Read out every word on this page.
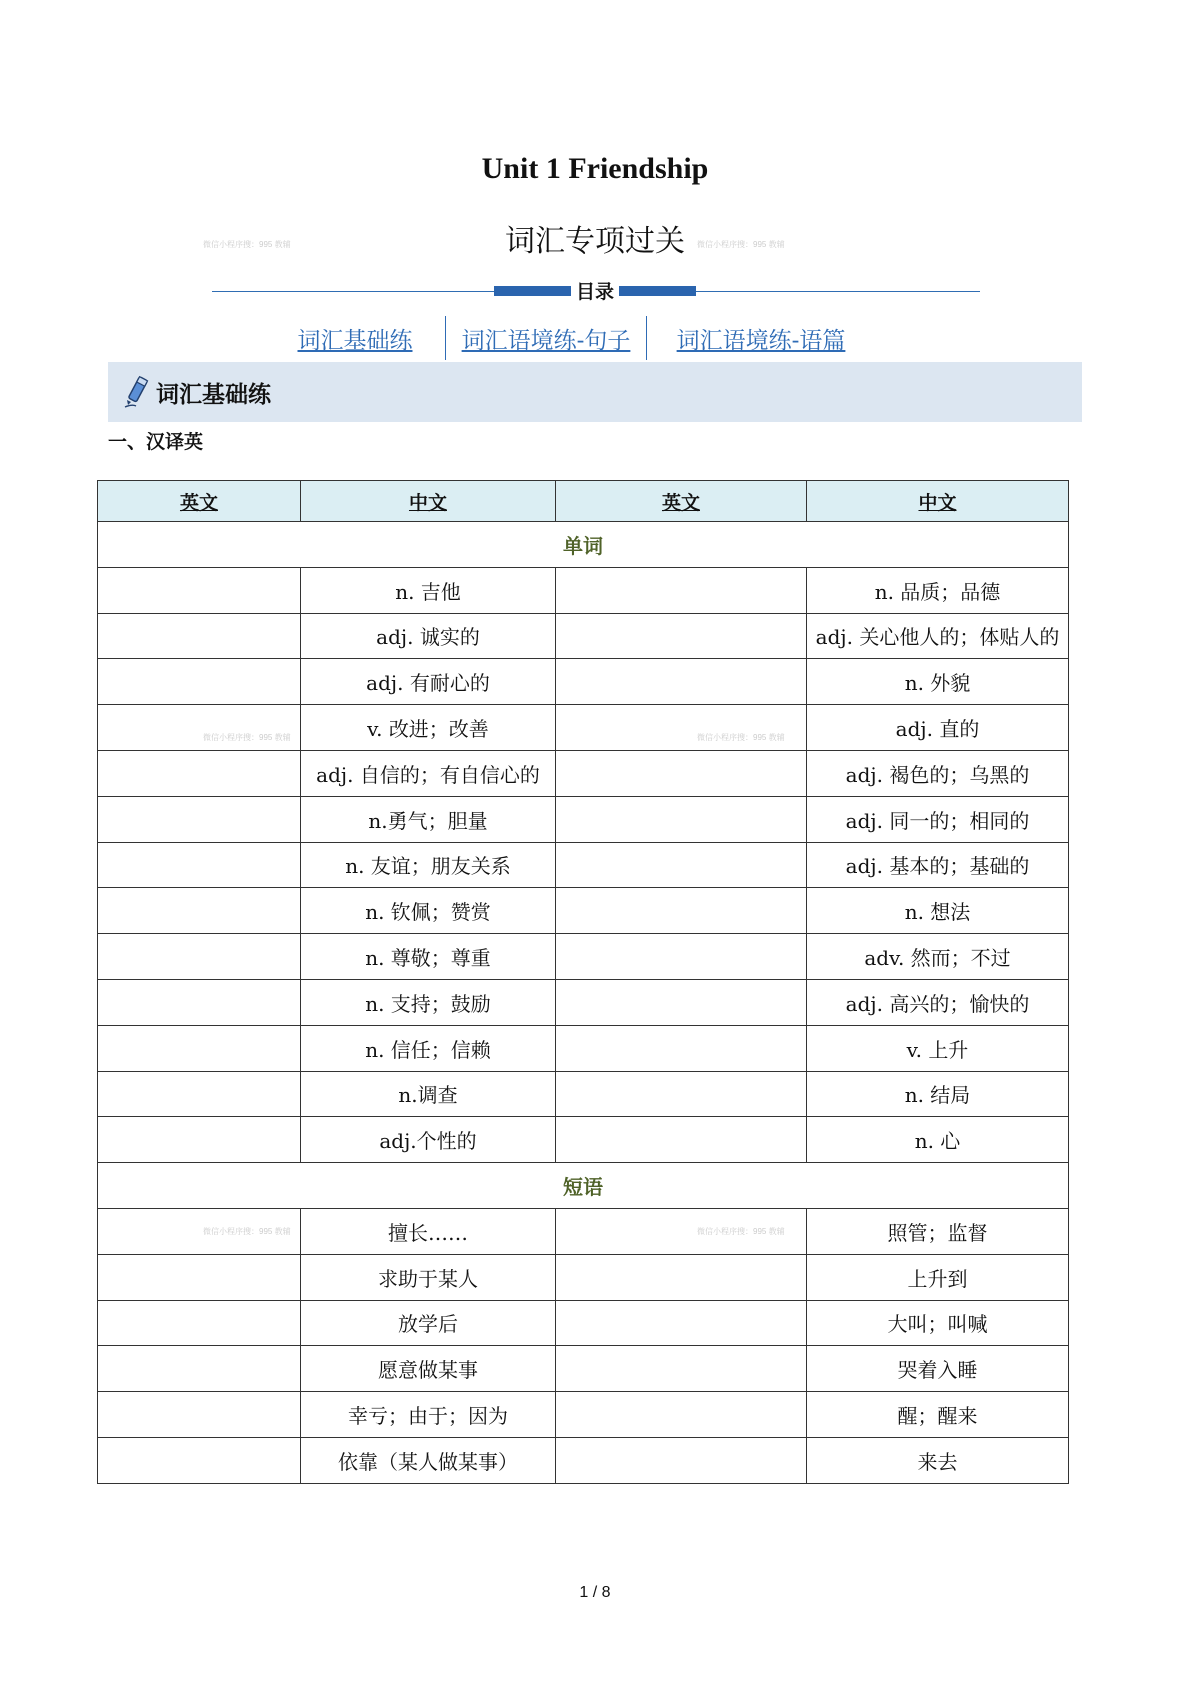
Unit 1 Friendship
词汇专项过关
目录
词汇基础练	词汇语境练-句子	词汇语境练-语篇
词汇基础练
一、汉译英
英文	中文	英文	中文
单词			
	n. 吉他		n. 品质；品德
	adj. 诚实的		adj. 关心他人的；体贴人的
	adj. 有耐心的		n. 外貌
	v. 改进；改善		adj. 直的
	adj. 自信的；有自信心的		adj. 褐色的；乌黑的
	n.勇气；胆量		adj. 同一的；相同的
	n. 友谊；朋友关系		adj. 基本的；基础的
	n. 钦佩；赞赏		n. 想法
	n. 尊敬；尊重		adv. 然而；不过
	n. 支持；鼓励		adj. 高兴的；愉快的
	n. 信任；信赖		v. 上升
	n.调查		n. 结局
	adj.个性的		n. 心
短语			
	擅长……		照管；监督
	求助于某人		上升到
	放学后		大叫；叫喊
	愿意做某事		哭着入睡
	幸亏；由于；因为		醒；醒来
	依靠（某人做某事）		来去
1 / 8
微信小程序搜：995 教辅	微信小程序搜：995 教辅
微信小程序搜：995 教辅	微信小程序搜：995 教辅
微信小程序搜：995 教辅	微信小程序搜：995 教辅
